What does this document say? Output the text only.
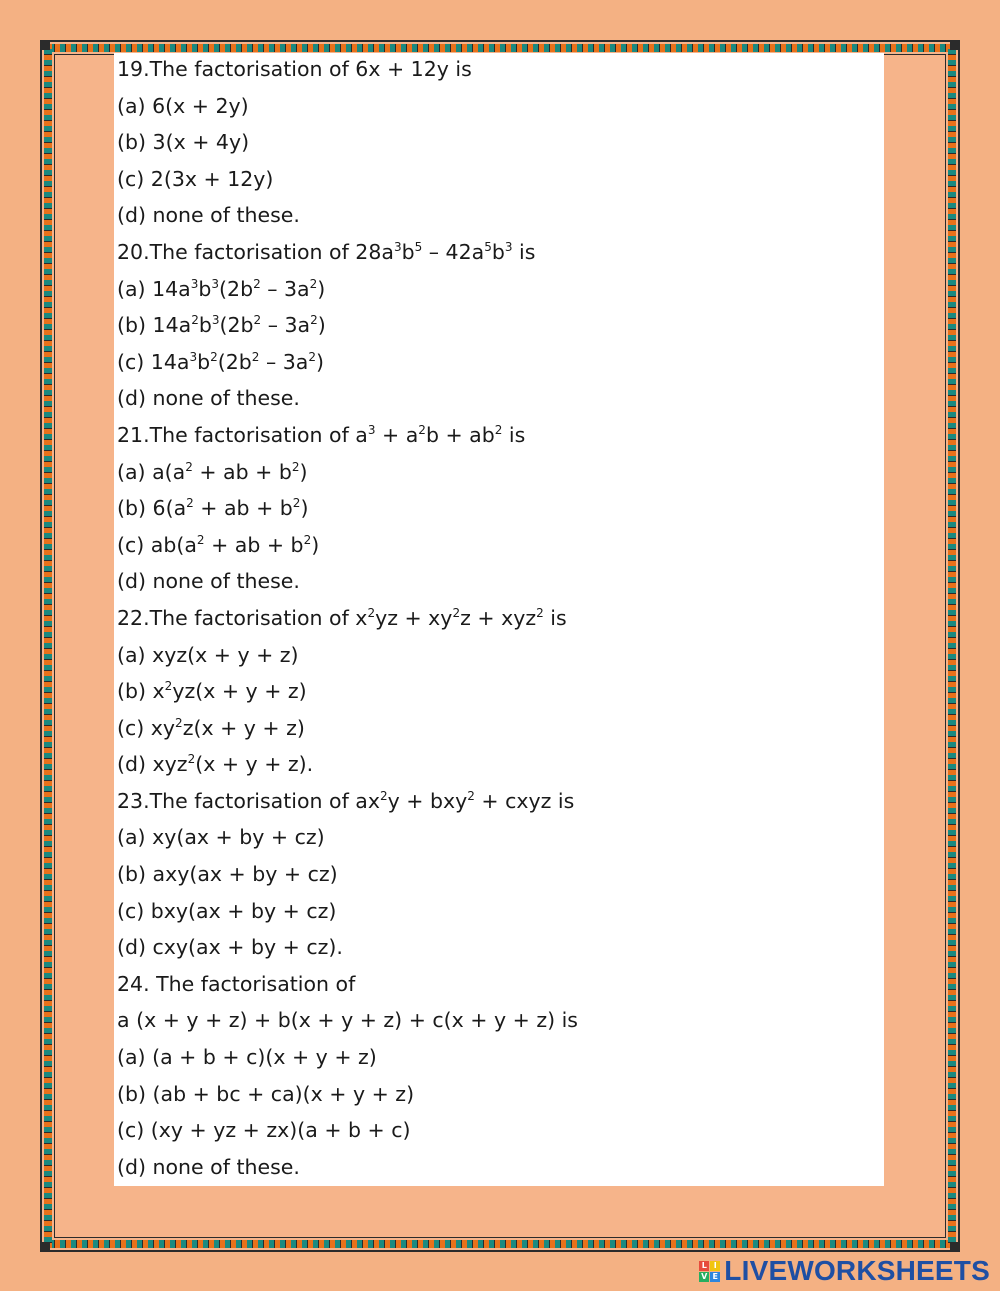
19.The factorisation of 6x + 12y is
(a) 6(x + 2y)
(b) 3(x + 4y)
(c) 2(3x + 12y)
(d) none of these.
20.The factorisation of $28a^3b^5 - 42a^5b^3$ is
(a) $14a^3b^3(2b^2 - 3a^2)$
(b) $14a^2b^3(2b^2 - 3a^2)$
(c) $14a^3b^2(2b^2 - 3a^2)$
(d) none of these.
21.The factorisation of $a^3 + a^2b + ab^2$ is
(a) $a(a^2$ + ab + $b^2$)
(b) $6(a^2$ + ab + $b^2$)
(c) $ab(a^2$ + ab + $b^2$)
(d) none of these.
22.The factorisation of $x^2yz + xy^2z + xyz^2$ is
(a) xyz(x + y + z)
(b) $x^2yz(x + y + z)$
(c) $xy^2z(x + y + z)$
(d) xyz$^2$(x + y + z).
23.The factorisation of $ax^2y + bxy^2$ + cxyz is
(a) xy(ax + by + cz)
(b) axy(ax + by + cz)
(c) bxy(ax + by + cz)
(d) cxy(ax + by + cz).
24. The factorisation of
a (x + y + z) + b(x + y + z) + c(x + y + z) is
(a) (a + b + c)(x + y + z)
(b) (ab + bc + ca)(x + y + z)
(c) (xy + yz + zx)(a + b + c)
(d) none of these.
L I
V E LIVEWORKSHEETS
